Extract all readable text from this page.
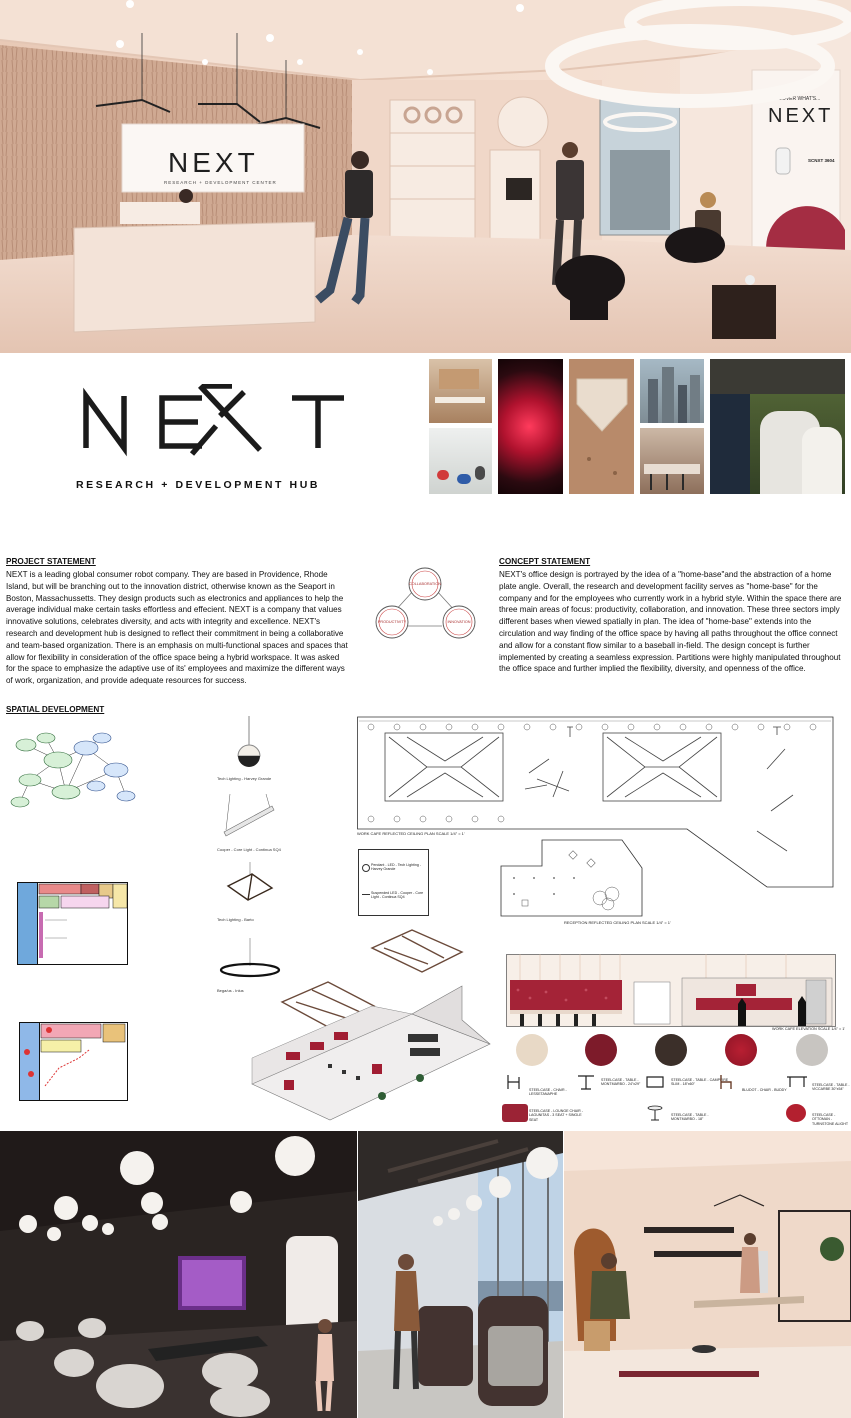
DISCOVER WHAT'S...
NEXT
SCNXT 3604
NEXT
RESEARCH + DEVELOPMENT CENTER
RESEARCH + DEVELOPMENT HUB
PROJECT STATEMENT
NEXT is a leading global consumer robot company. They are based in Providence, Rhode Island, but will be branching out to the innovation district, otherwise known as the Seaport in Boston, Massachussetts. They design products such as electronics and appliances to help the average individual make certain tasks effortless and effecient. NEXT is a company that values innovative solutions, celebrates diversity, and acts with integrity and excellence. NEXT's research and development hub is designed to reflect their commitment in being a collaborative and team-based organization. There is an emphasis on multi-functional spaces and spaces that allow for flexibility in consideration of the office space being a hybrid workspace. It was asked for the space to emphasize the adaptive use of its' employees and maximize the different ways of work, organization, and provide adequate resources for success.
COLLABORATION
PRODUCTIVITY	INNOVATION
CONCEPT STATEMENT
NEXT's office design is portrayed by the idea of a "home-base"and the abstraction of a home plate angle. Overall, the research and development facility serves as "home-base" for the company and for the employees who currently work in a hybrid style. Within the space there are three main areas of focus: productivity, collaboration, and innovation. These three sectors imply different bases when viewed spatially in plan. The idea of "home-base" extends into the circulation and way finding of the office space by having all paths throughout the office connect and allow for a constant flow similar to a baseball in-field. The design concept is further implemented by creating a seamless expression. Partitions were highly manipulated throughout the office space and further implied the flexibility, diversity, and openness of the office.
SPATIAL DEVELOPMENT
Tech Lighting - Harvey Grande
Cooper - Core Light - Continua SQ4
Tech Lighting - Barto
Bega/us - Inlus
WORK CAFE REFLECTED CEILING PLAN SCALE 1/4" = 1'
Pendant - LED - Tech Lighting - Harvey Grande
Suspended LED - Cooper - Core Light - Continua SQ4
RECEPTION REFLECTED CEILING PLAN SCALE 1/4" = 1'
WORK CAFE ELEVATION SCALE 1/4" = 1'
STEELCASE - CHAIR - LESSETANAPHE
STEELCASE - TABLE - MONTMARBO - 24"x29"
STEELCASE - TABLE - CAMPFIRE SLIM - 18"x60"
BLUDOT - CHAIR - BUDDY
STEELCASE - TABLE - VICCARBE 30"x54"
STEELCASE - LOUNGE CHAIR - LAGUNITAS - 3 SEAT + SINGLE SEAT
STEELCASE - TABLE - MONTMARBO - 18"
STEELCASE - OTTOMAN - TURNSTONE ALIGHT
